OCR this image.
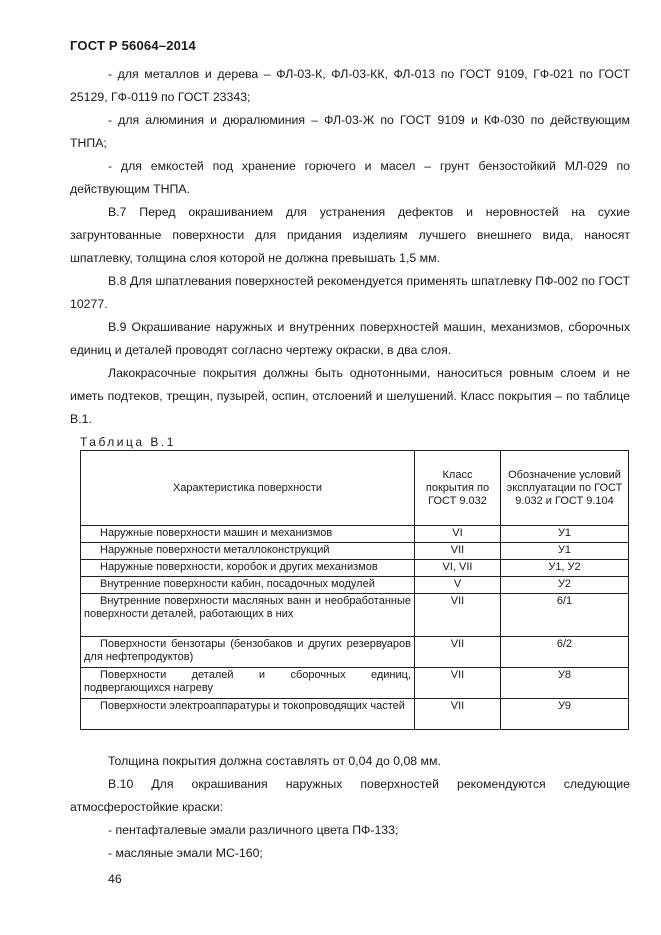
ГОСТ Р 56064–2014

- для металлов и дерева – ФЛ-03-К, ФЛ-03-КК, ФЛ-013 по ГОСТ 9109, ГФ-021 по ГОСТ 25129, ГФ-0119 по ГОСТ 23343;

- для алюминия и дюралюминия – ФЛ-03-Ж по ГОСТ 9109 и КФ-030 по действующим ТНПА;

- для емкостей под хранение горючего и масел – грунт бензостойкий МЛ-029 по действующим ТНПА.

В.7 Перед окрашиванием для устранения дефектов и неровностей на сухие загрунтованные поверхности для придания изделиям лучшего внешнего вида, наносят шпатлевку, толщина слоя которой не должна превышать 1,5 мм.

В.8 Для шпатлевания поверхностей рекомендуется применять шпатлевку ПФ-002 по ГОСТ 10277.

В.9 Окрашивание наружных и внутренних поверхностей машин, механизмов, сборочных единиц и деталей проводят согласно чертежу окраски, в два слоя.

Лакокрасочные покрытия должны быть однотонными, наноситься ровным слоем и не иметь подтеков, трещин, пузырей, оспин, отслоений и шелушений. Класс покрытия – по таблице В.1.

Таблица В.1
Характеристика поверхности	Класс покрытия по ГОСТ 9.032	Обозначение условий эксплуатации по ГОСТ 9.032 и ГОСТ 9.104
Наружные поверхности машин и механизмов	VI	У1
Наружные поверхности металлоконструкций	VII	У1
Наружные поверхности, коробок и других механизмов	VI, VII	У1, У2
Внутренние поверхности кабин, посадочных модулей	V	У2
Внутренние поверхности масляных ванн и необработанные поверхности деталей, работающих в них	VII	6/1
Поверхности бензотары (бензобаков и других резервуаров для нефтепродуктов)	VII	6/2
Поверхности деталей и сборочных единиц, подвергающихся нагреву	VII	У8
Поверхности электроаппаратуры и токопроводящих частей	VII	У9

Толщина покрытия должна составлять от 0,04 до 0,08 мм.

В.10 Для окрашивания наружных поверхностей рекомендуются следующие атмосферостойкие краски:

- пентафталевые эмали различного цвета ПФ-133;

- масляные эмали МС-160;

46
